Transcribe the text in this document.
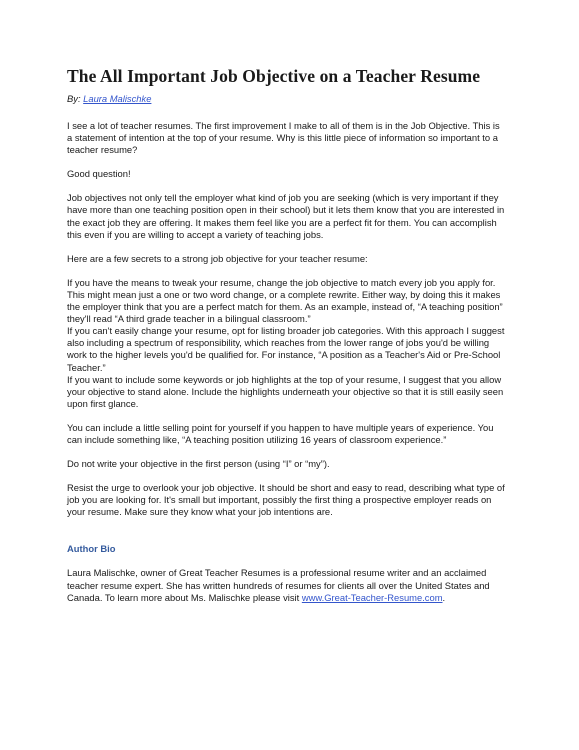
The All Important Job Objective on a Teacher Resume
By: Laura Malischke

I see a lot of teacher resumes. The first improvement I make to all of them is in the Job Objective. This is
a statement of intention at the top of your resume. Why is this little piece of information so important to a
teacher resume?

Good question!

Job objectives not only tell the employer what kind of job you are seeking (which is very important if they
have more than one teaching position open in their school) but it lets them know that you are interested in
the exact job they are offering. It makes them feel like you are a perfect fit for them. You can accomplish
this even if you are willing to accept a variety of teaching jobs.

Here are a few secrets to a strong job objective for your teacher resume:

If you have the means to tweak your resume, change the job objective to match every job you apply for.
This might mean just a one or two word change, or a complete rewrite. Either way, by doing this it makes
the employer think that you are a perfect match for them. As an example, instead of, “A teaching position”
they'll read “A third grade teacher in a bilingual classroom.”
If you can't easily change your resume, opt for listing broader job categories. With this approach I suggest
also including a spectrum of responsibility, which reaches from the lower range of jobs you'd be willing
work to the higher levels you'd be qualified for. For instance, “A position as a Teacher's Aid or Pre-School
Teacher.”
If you want to include some keywords or job highlights at the top of your resume, I suggest that you allow
your objective to stand alone. Include the highlights underneath your objective so that it is still easily seen
upon first glance.

You can include a little selling point for yourself if you happen to have multiple years of experience. You
can include something like, “A teaching position utilizing 16 years of classroom experience.”

Do not write your objective in the first person (using “I” or “my”).

Resist the urge to overlook your job objective. It should be short and easy to read, describing what type of
job you are looking for. It's small but important, possibly the first thing a prospective employer reads on
your resume. Make sure they know what your job intentions are.

Author Bio

Laura Malischke, owner of Great Teacher Resumes is a professional resume writer and an acclaimed
teacher resume expert. She has written hundreds of resumes for clients all over the United States and
Canada. To learn more about Ms. Malischke please visit www.Great-Teacher-Resume.com.
